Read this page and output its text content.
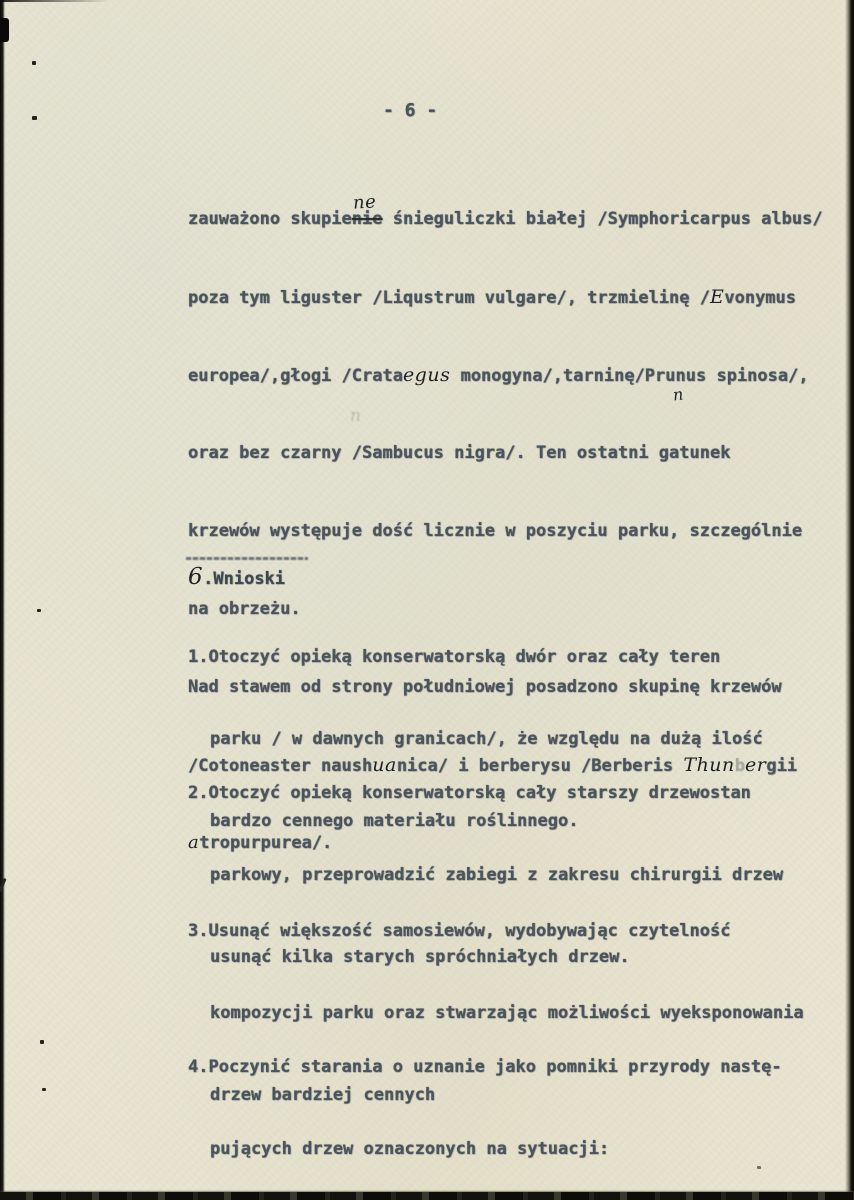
- 6 -

zauważono skupienie
ne
śnieguliczki białej /Symphoricarpus albus/

poza tym liguster /Liqustrum vulgare/, trzmielinę /Evonymus

europea/,głogi /Crataegus monogyna/,tarninę/Prun
n
us spinosa/,

oraz bez czarny /Sambucus nigra/. Ten ostatni gatunek

krzewów występuje dość licznie w poszyciu parku, szczególnie

na obrzeżu.

Nad stawem od strony południowej posadzono skupinę krzewów

/Cotoneaster naushuanica/ i berberysu /Berberis Thunbergii

atropurpurea/.

n

6.Wnioski

1.Otoczyć opieką konserwatorską dwór oraz cały teren

parku / w dawnych granicach/, że względu na dużą ilość

bardzo cennego materiału roślinnego.

2.Otoczyć opieką konserwatorską cały starszy drzewostan

parkowy, przeprowadzić zabiegi z zakresu chirurgii drzew

usunąć kilka starych spróchniałych drzew.

3.Usunąć większość samosiewów, wydobywając czytelność

kompozycji parku oraz stwarzając możliwości wyeksponowania

drzew bardziej cennych

4.Poczynić starania o uznanie jako pomniki przyrody nastę-

pujących drzew oznaczonych na sytuacji:
